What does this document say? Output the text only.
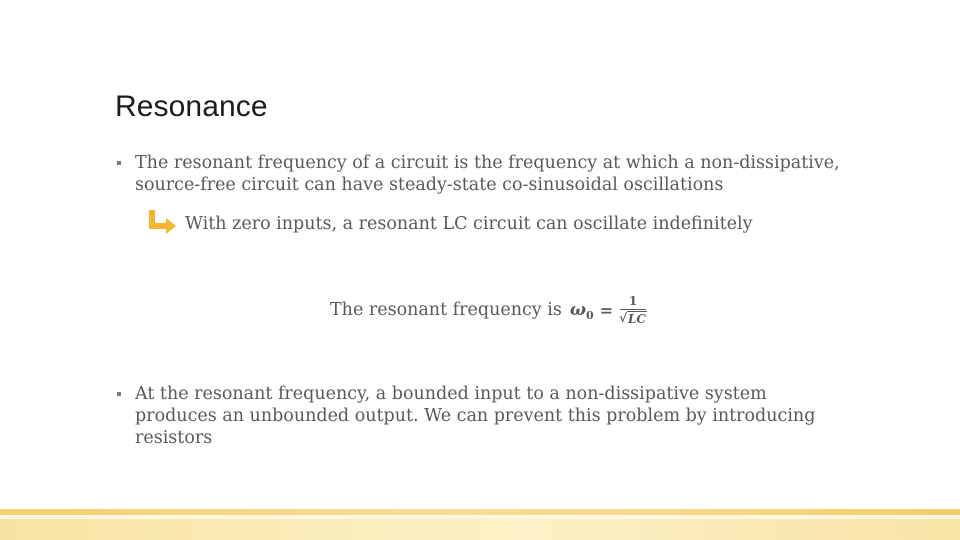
Resonance

The resonant frequency of a circuit is the frequency at which a non-dissipative, source-free circuit can have steady-state co-sinusoidal oscillations

With zero inputs, a resonant LC circuit can oscillate indefinitely

The resonant frequency is ω $0 = \frac{1}{√ LC}$

At the resonant frequency, a bounded input to a non-dissipative system produces an unbounded output. We can prevent this problem by introducing resistors
